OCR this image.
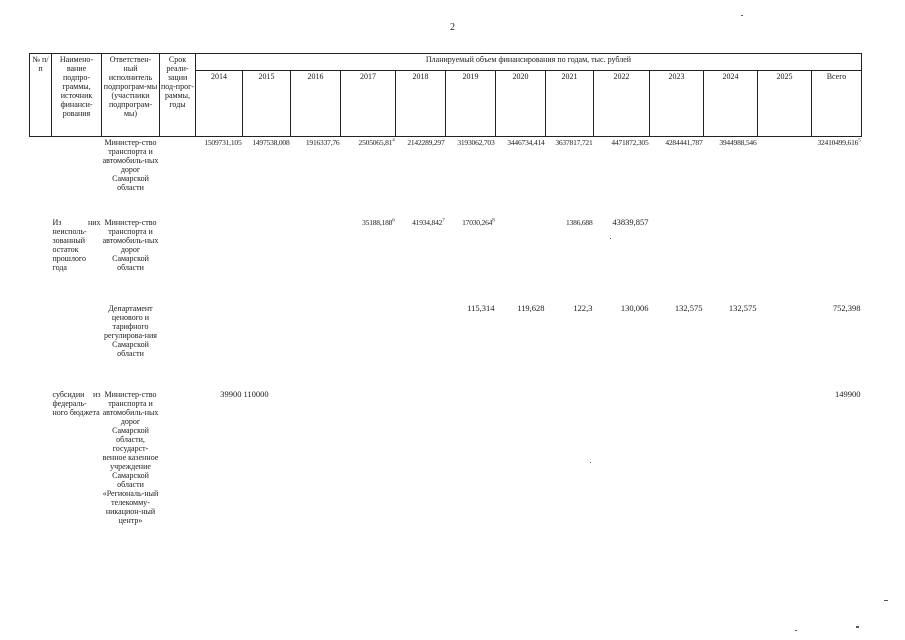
2
№ п/п	Наимено-вание подпро-граммы, источник финанси-рования	Ответствен-ный исполнитель подпрограм-мы (участники подпрограм-мы)	Срок реали-зации под-прог-раммы, годы	Планируемый объем финансирования по годам, тыс. рублей												
				2014	2015	2016	2017	2018	2019	2020	2021	2022	2023	2024	2025	Всего
		Министер-ство транспорта и автомобиль-ных дорог Самарской области		1509731,105	1497538,008	1916337,76	2505065,81$^4$	2142289,297	3193062,703	3446734,414	3637817,721	4471872,305	4284441,787	3944988,546		32410499,616$^5$
	Из них неисполь-зованный остаток прошлого года	Министер-ство транспорта и автомобиль-ных дорог Самарской области					35188,188$^6$	41934,842$^7$	17030,264$^8$		1386,688	43839,857				
		Департамент ценового и тарифного регулирова-ния Самарской области							115,314	119,628	122,3	130,006	132,575	132,575		752,398
	субсидии из федераль-ного бюджета	Министер-ство транспорта и автомобиль-ных дорог Самарской области, государст-венное казенное учреждение Самарской области «Региональ-ный телекомму-никацион-ный центр»		39900	110000											149900
